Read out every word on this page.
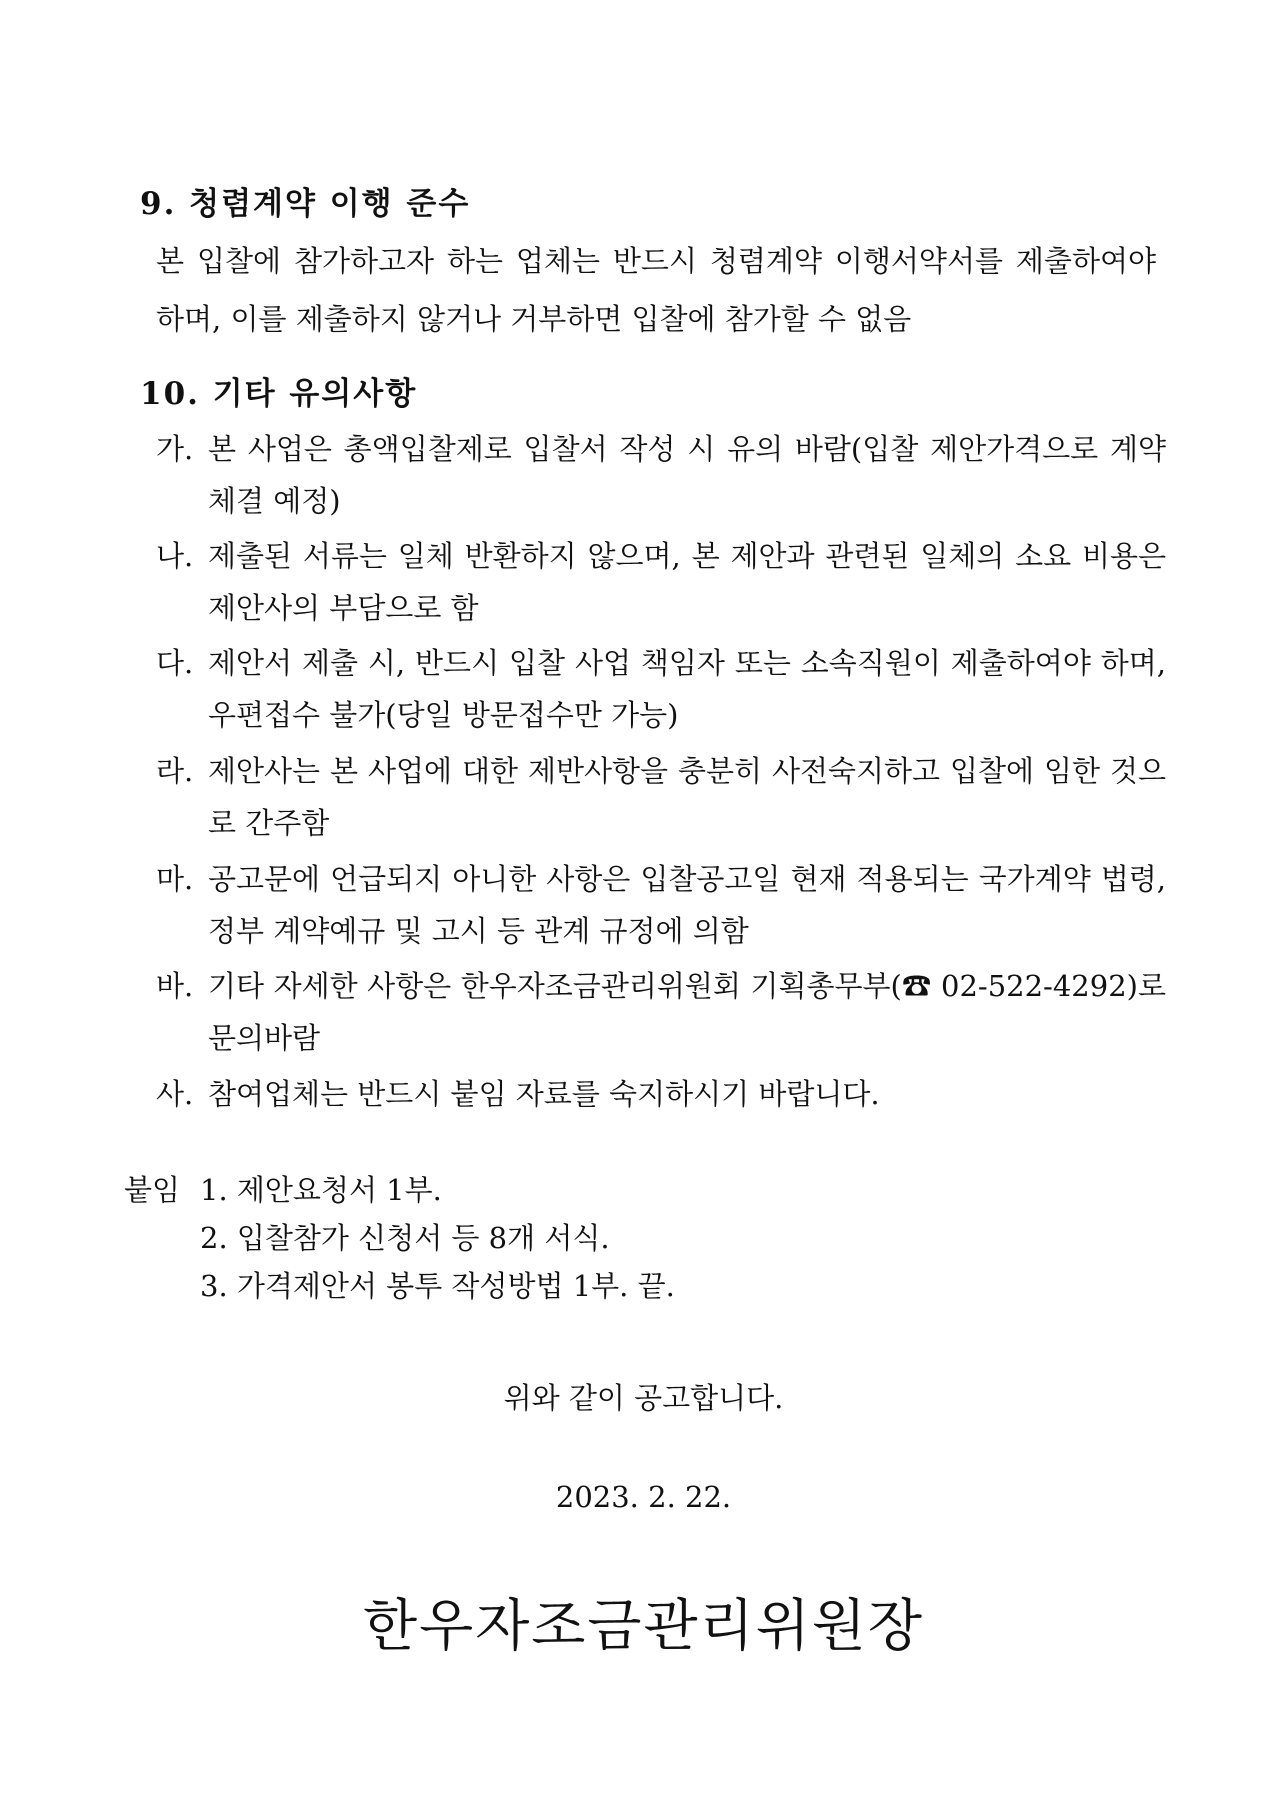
9. 청렴계약 이행 준수
본 입찰에 참가하고자 하는 업체는 반드시 청렴계약 이행서약서를 제출하여야 하며, 이를 제출하지 않거나 거부하면 입찰에 참가할 수 없음
10. 기타 유의사항
가. 본 사업은 총액입찰제로 입찰서 작성 시 유의 바람(입찰 제안가격으로 계약 체결 예정)
나. 제출된 서류는 일체 반환하지 않으며, 본 제안과 관련된 일체의 소요 비용은 제안사의 부담으로 함
다. 제안서 제출 시, 반드시 입찰 사업 책임자 또는 소속직원이 제출하여야 하며, 우편접수 불가(당일 방문접수만 가능)
라. 제안사는 본 사업에 대한 제반사항을 충분히 사전숙지하고 입찰에 임한 것으로 간주함
마. 공고문에 언급되지 아니한 사항은 입찰공고일 현재 적용되는 국가계약 법령, 정부 계약예규 및 고시 등 관계 규정에 의함
바. 기타 자세한 사항은 한우자조금관리위원회 기획총무부(☎ 02-522-4292)로 문의바람
사. 참여업체는 반드시 붙임 자료를 숙지하시기 바랍니다.
붙임 1. 제안요청서 1부.
2. 입찰참가 신청서 등 8개 서식.
3. 가격제안서 봉투 작성방법 1부. 끝.
위와 같이 공고합니다.
2023. 2. 22.
한우자조금관리위원장
